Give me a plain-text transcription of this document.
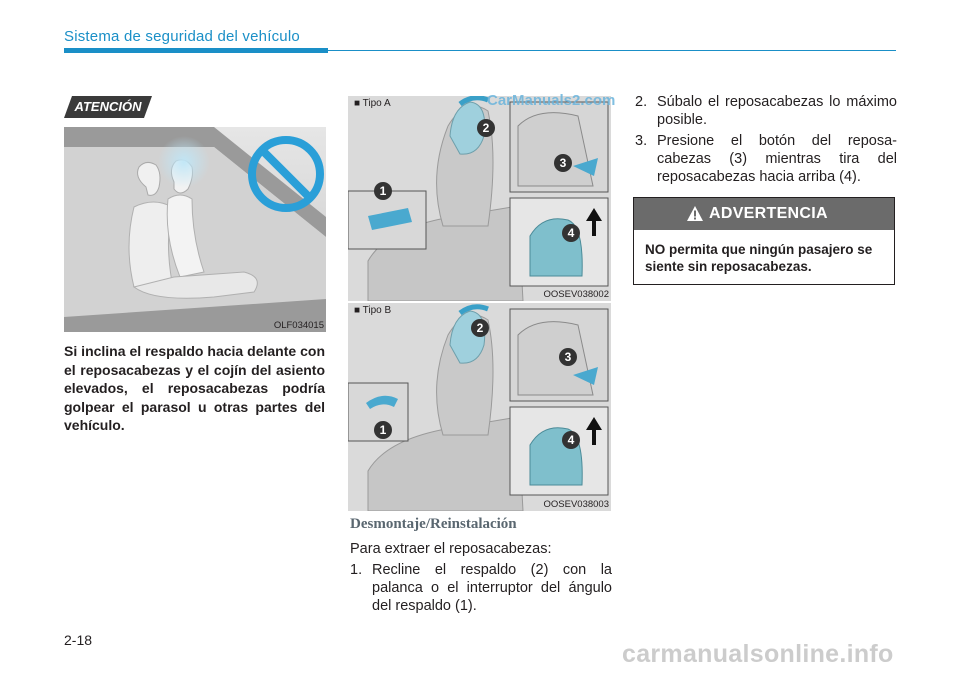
Sistema de seguridad del vehículo
ATENCIÓN
OLF034015
Si inclina el respaldo hacia delante con el reposacabezas y el cojín del asiento elevados, el reposacabezas podría golpear el parasol u otras partes del vehículo.
1
2
3
4
■ Tipo A
OOSEV038002
1
2
3
4
■ Tipo B
OOSEV038003
Desmontaje/Reinstalación
Para extraer el reposacabezas:
1. Recline el respaldo (2) con la palanca o el interruptor del ángulo del respaldo (1).
2. Súbalo el reposacabezas lo máximo posible.
3. Presione el botón del reposa-cabezas (3) mientras tira del reposacabezas hacia arriba (4).
ADVERTENCIA
NO permita que ningún pasajero se siente sin reposacabezas.
2-18
CarManuals2.com
carmanualsonline.info
